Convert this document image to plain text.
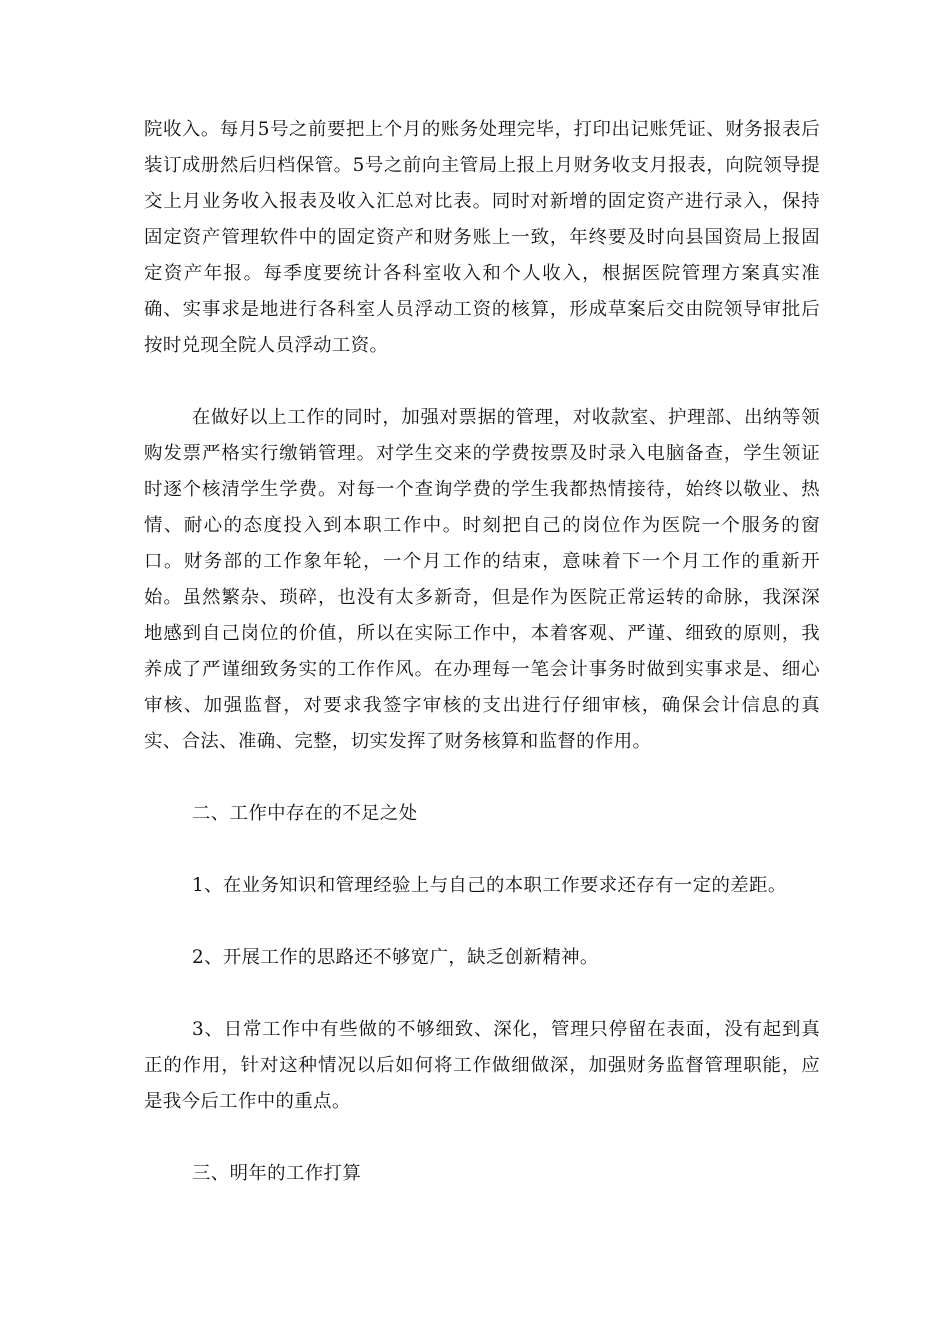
院收入。每月5号之前要把上个月的账务处理完毕，打印出记账凭证、财务报表后装订成册然后归档保管。5号之前向主管局上报上月财务收支月报表，向院领导提交上月业务收入报表及收入汇总对比表。同时对新增的固定资产进行录入，保持固定资产管理软件中的固定资产和财务账上一致，年终要及时向县国资局上报固定资产年报。每季度要统计各科室收入和个人收入，根据医院管理方案真实准确、实事求是地进行各科室人员浮动工资的核算，形成草案后交由院领导审批后按时兑现全院人员浮动工资。

在做好以上工作的同时，加强对票据的管理，对收款室、护理部、出纳等领购发票严格实行缴销管理。对学生交来的学费按票及时录入电脑备查，学生领证时逐个核清学生学费。对每一个查询学费的学生我都热情接待，始终以敬业、热情、耐心的态度投入到本职工作中。时刻把自己的岗位作为医院一个服务的窗口。财务部的工作象年轮，一个月工作的结束，意味着下一个月工作的重新开始。虽然繁杂、琐碎，也没有太多新奇，但是作为医院正常运转的命脉，我深深地感到自己岗位的价值，所以在实际工作中，本着客观、严谨、细致的原则，我养成了严谨细致务实的工作作风。在办理每一笔会计事务时做到实事求是、细心审核、加强监督，对要求我签字审核的支出进行仔细审核，确保会计信息的真实、合法、准确、完整，切实发挥了财务核算和监督的作用。

二、工作中存在的不足之处

1、在业务知识和管理经验上与自己的本职工作要求还存有一定的差距。

2、开展工作的思路还不够宽广，缺乏创新精神。

3、日常工作中有些做的不够细致、深化，管理只停留在表面，没有起到真正的作用，针对这种情况以后如何将工作做细做深，加强财务监督管理职能，应是我今后工作中的重点。

三、明年的工作打算
